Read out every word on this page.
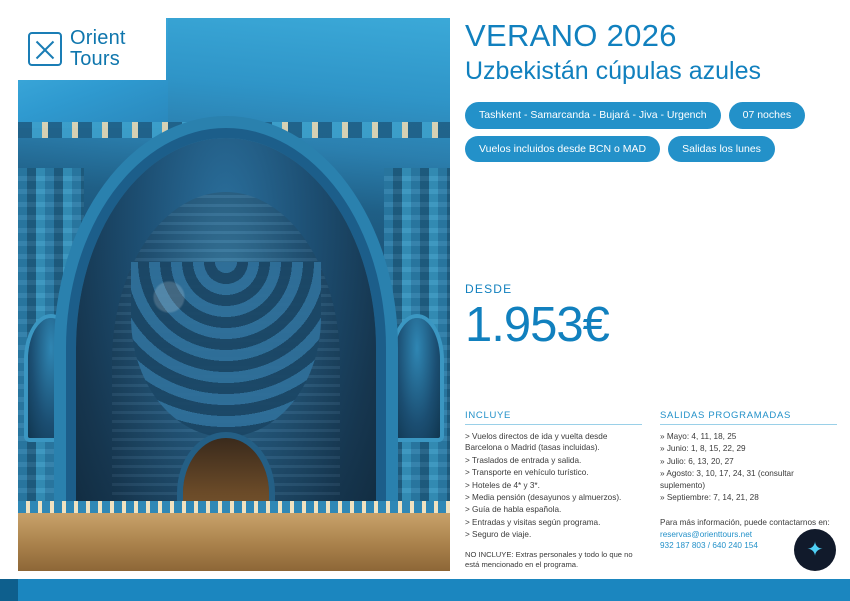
Orient
Tours
VERANO 2026
Uzbekistán cúpulas azules
Tashkent - Samarcanda - Bujará - Jiva - Urgench	07 noches
Vuelos incluidos desde BCN o MAD	Salidas los lunes
DESDE
1.953€
INCLUYE
> Vuelos directos de ida y vuelta desde Barcelona o Madrid (tasas incluidas).
> Traslados de entrada y salida.
> Transporte en vehículo turístico.
> Hoteles de 4* y 3*.
> Media pensión (desayunos y almuerzos).
> Guía de habla española.
> Entradas y visitas según programa.
> Seguro de viaje.
NO INCLUYE: Extras personales y todo lo que no está mencionado en el programa.
SALIDAS PROGRAMADAS
» Mayo: 4, 11, 18, 25
» Junio: 1, 8, 15, 22, 29
» Julio: 6, 13, 20, 27
» Agosto: 3, 10, 17, 24, 31 (consultar suplemento)
» Septiembre: 7, 14, 21, 28
Para más información, puede contactarnos en:
reservas@orienttours.net
932 187 803 / 640 240 154	✦
